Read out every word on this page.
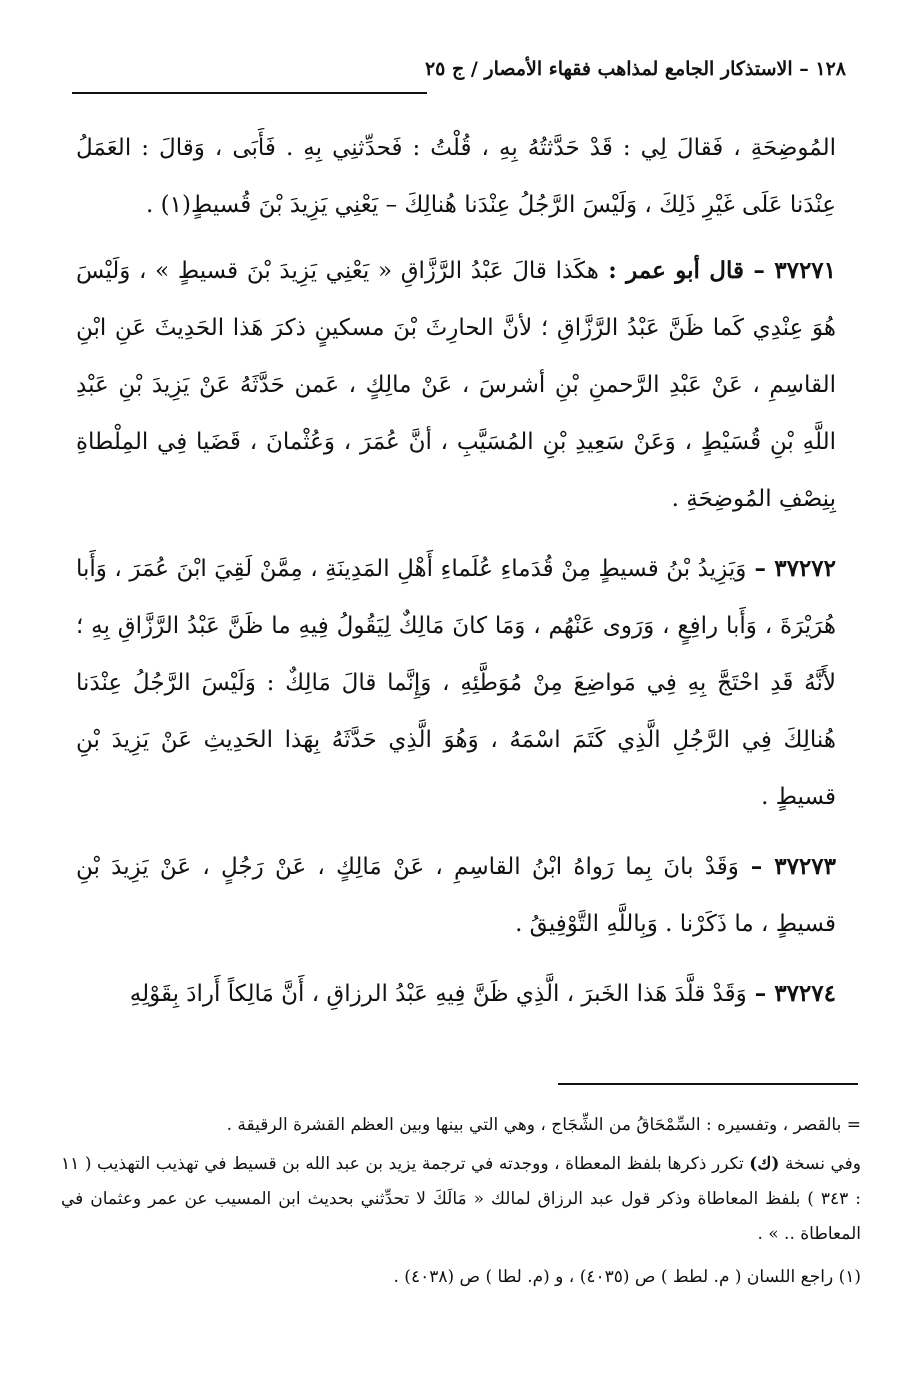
١٢٨ – الاستذكار الجامع لمذاهب فقهاء الأمصار / ج ٢٥

المُوضِحَةِ ، فَقالَ لِي : قَدْ حَدَّثتُهُ بِهِ ، قُلْتُ : فَحدِّثنِي بِهِ . فَأَبَى ، وَقالَ : العَمَلُ عِنْدَنا عَلَى غَيْرِ ذَلِكَ ، وَلَيْسَ الرَّجُلُ عِنْدَنا هُنالِكَ – يَعْنِي يَزِيدَ بْنَ قُسيطٍ(١) .

٣٧٢٧١ – قال أبو عمر : هكَذا قالَ عَبْدُ الرَّزَّاقِ « يَعْنِي يَزِيدَ بْنَ قسيطٍ » ، وَلَيْسَ هُوَ عِنْدِي كَما ظَنَّ عَبْدُ الرَّزَّاقِ ؛ لأنَّ الحارِثَ بْنَ مسكينٍ ذكرَ هَذا الحَدِيثَ عَنِ ابْنِ القاسِمِ ، عَنْ عَبْدِ الرَّحمنِ بْنِ أشرسَ ، عَنْ مالِكٍ ، عَمن حَدَّثَهُ عَنْ يَزِيدَ بْنِ عَبْدِ اللَّهِ بْنِ قُسَيْطٍ ، وَعَنْ سَعِيدِ بْنِ المُسَيَّبِ ، أنَّ عُمَرَ ، وَعُثْمانَ ، قَضَيا فِي المِلْطاةِ بِنِصْفِ المُوضِحَةِ .

٣٧٢٧٢ – وَيَزِيدُ بْنُ قسيطٍ مِنْ قُدَماءِ عُلَماءِ أَهْلِ المَدِينَةِ ، مِمَّنْ لَقِيَ ابْنَ عُمَرَ ، وَأَبا هُرَيْرَةَ ، وَأَبا رافِعٍ ، وَرَوى عَنْهُم ، وَمَا كانَ مَالِكٌ لِيَقُولُ فِيهِ ما ظَنَّ عَبْدُ الرَّزَّاقِ بِهِ ؛ لأَنَّهُ قَدِ احْتَجَّ بِهِ فِي مَواضِعَ مِنْ مُوَطَّئِهِ ، وَإِنَّما قالَ مَالِكٌ : وَلَيْسَ الرَّجُلُ عِنْدَنا هُنالِكَ فِي الرَّجُلِ الَّذِي كَتَمَ اسْمَهُ ، وَهُوَ الَّذِي حَدَّثَهُ بِهَذا الحَدِيثِ عَنْ يَزِيدَ بْنِ قسيطٍ .

٣٧٢٧٣ – وَقَدْ بانَ بِما رَواهُ ابْنُ القاسِمِ ، عَنْ مَالِكٍ ، عَنْ رَجُلٍ ، عَنْ يَزِيدَ بْنِ قسيطٍ ، ما ذَكَرْنا . وَبِاللَّهِ التَّوْفِيقُ .

٣٧٢٧٤ – وَقَدْ قلَّدَ هَذا الخَبرَ ، الَّذِي ظَنَّ فِيهِ عَبْدُ الرزاقِ ، أَنَّ مَالِكاً أَرادَ بِقَوْلِهِ

= بالقصر ، وتفسيره : السِّمْحَاقُ من الشِّجَاج ، وهي التي بينها وبين العظم القشرة الرقيقة .

وفي نسخة (ك) تكرر ذكرها بلفظ المعطاة ، ووجدته في ترجمة يزيد بن عبد الله بن قسيط في تهذيب التهذيب ( ١١ : ٣٤٣ ) بلفظ المعاطاة وذكر قول عبد الرزاق لمالك « مَالَكَ لا تحدِّثني بحديث ابن المسيب عن عمر وعثمان في المعاطاة .. » .

(١) راجع اللسان ( م. لطط ) ص (٤٠٣٥) ، و (م. لطا ) ص (٤٠٣٨) .
